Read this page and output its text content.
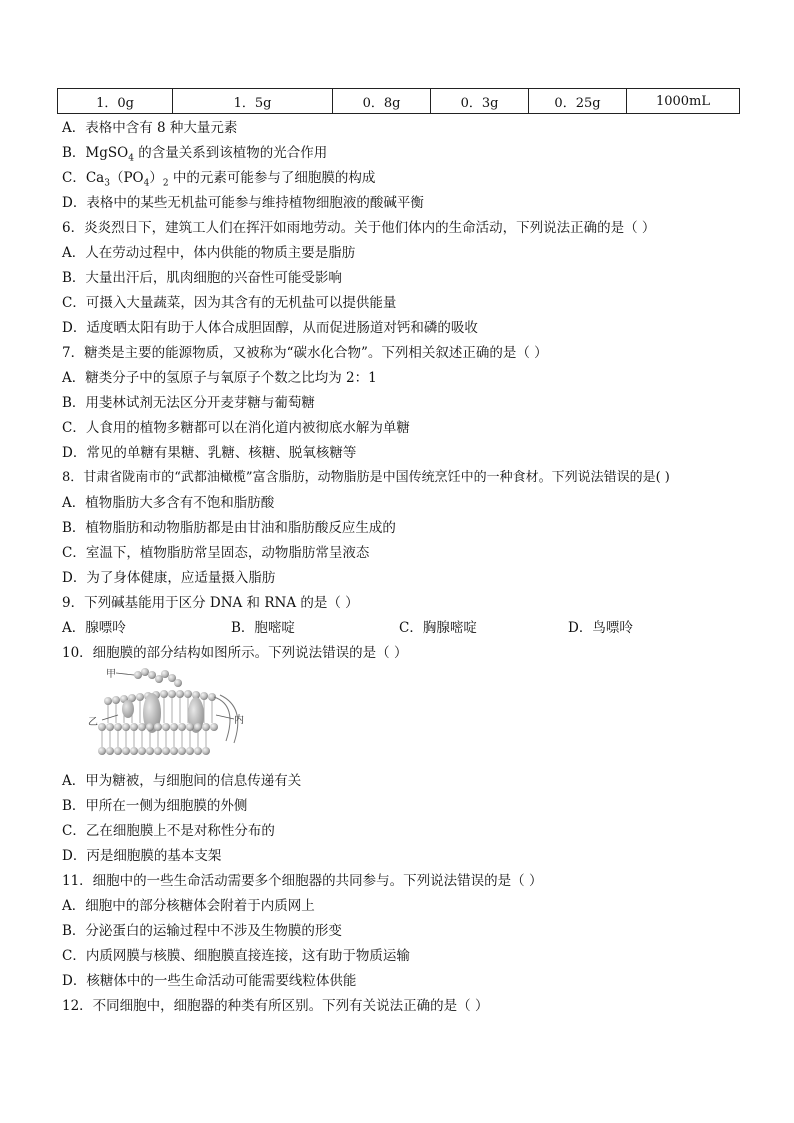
1．0g	1．5g	0．8g	0．3g	0．25g	1000mL
A．表格中含有 8 种大量元素
B．MgSO$_4$ 的含量关系到该植物的光合作用
C．$Ca_3(PO_4)_2$ 中的元素可能参与了细胞膜的构成
D．表格中的某些无机盐可能参与维持植物细胞液的酸碱平衡
6．炎炎烈日下，建筑工人们在挥汗如雨地劳动。关于他们体内的生命活动，下列说法正确的是（ ）
A．人在劳动过程中，体内供能的物质主要是脂肪
B．大量出汗后，肌肉细胞的兴奋性可能受影响
C．可摄入大量蔬菜，因为其含有的无机盐可以提供能量
D．适度晒太阳有助于人体合成胆固醇，从而促进肠道对钙和磷的吸收
7．糖类是主要的能源物质，又被称为“碳水化合物”。下列相关叙述正确的是（ ）
A．糖类分子中的氢原子与氧原子个数之比均为 2：1
B．用斐林试剂无法区分开麦芽糖与葡萄糖
C．人食用的植物多糖都可以在消化道内被彻底水解为单糖
D．常见的单糖有果糖、乳糖、核糖、脱氧核糖等
8．甘肃省陇南市的“武都油橄榄”富含脂肪，动物脂肪是中国传统烹饪中的一种食材。下列说法错误的是( )
A．植物脂肪大多含有不饱和脂肪酸
B．植物脂肪和动物脂肪都是由甘油和脂肪酸反应生成的
C．室温下，植物脂肪常呈固态，动物脂肪常呈液态
D．为了身体健康，应适量摄入脂肪
9．下列碱基能用于区分 DNA 和 RNA 的是（ ）
A．腺嘌呤	B．胞嘧啶	C．胸腺嘧啶	D．鸟嘌呤
10．细胞膜的部分结构如图所示。下列说法错误的是（ ）
甲
乙	内
A．甲为糖被，与细胞间的信息传递有关
B．甲所在一侧为细胞膜的外侧
C．乙在细胞膜上不是对称性分布的
D．丙是细胞膜的基本支架
11．细胞中的一些生命活动需要多个细胞器的共同参与。下列说法错误的是（ ）
A．细胞中的部分核糖体会附着于内质网上
B．分泌蛋白的运输过程中不涉及生物膜的形变
C．内质网膜与核膜、细胞膜直接连接，这有助于物质运输
D．核糖体中的一些生命活动可能需要线粒体供能
12．不同细胞中，细胞器的种类有所区别。下列有关说法正确的是（ ）
